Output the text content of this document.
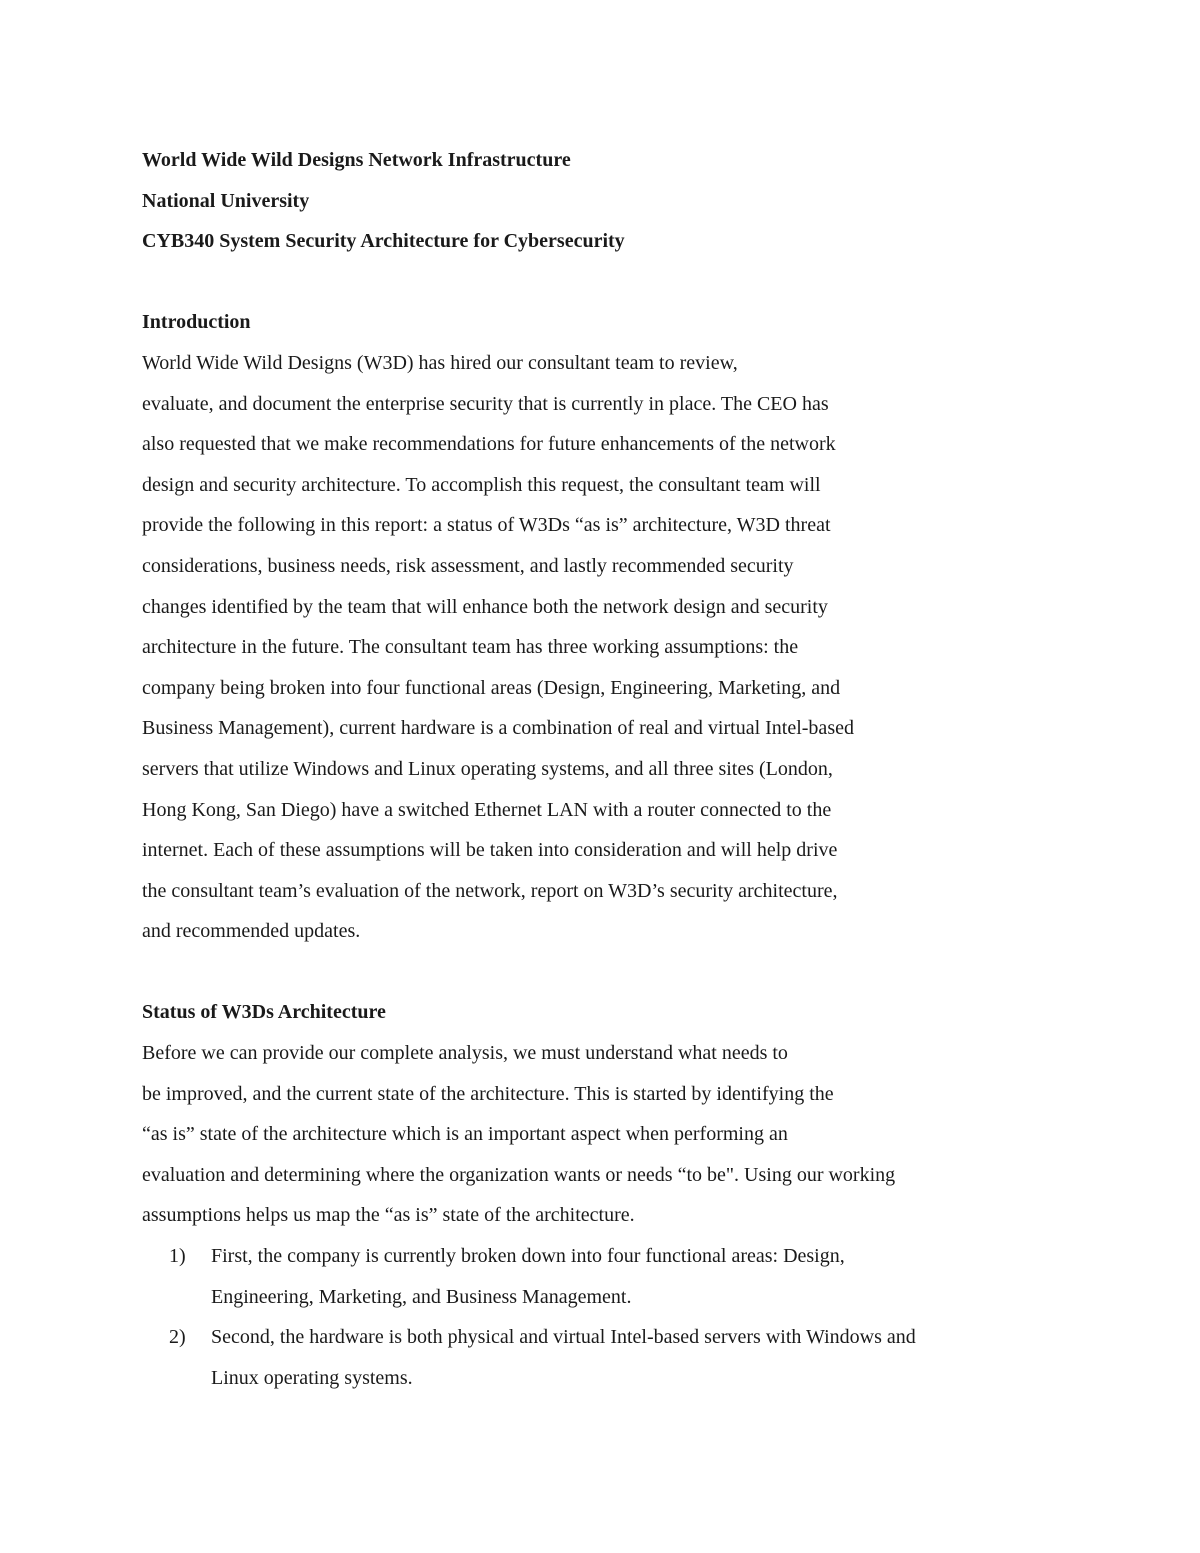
World Wide Wild Designs Network Infrastructure
National University
CYB340 System Security Architecture for Cybersecurity
Introduction
World Wide Wild Designs (W3D) has hired our consultant team to review,
evaluate, and document the enterprise security that is currently in place. The CEO has
also requested that we make recommendations for future enhancements of the network
design and security architecture. To accomplish this request, the consultant team will
provide the following in this report: a status of W3Ds “as is” architecture, W3D threat
considerations, business needs, risk assessment, and lastly recommended security
changes identified by the team that will enhance both the network design and security
architecture in the future. The consultant team has three working assumptions: the
company being broken into four functional areas (Design, Engineering, Marketing, and
Business Management), current hardware is a combination of real and virtual Intel-based
servers that utilize Windows and Linux operating systems, and all three sites (London,
Hong Kong, San Diego) have a switched Ethernet LAN with a router connected to the
internet. Each of these assumptions will be taken into consideration and will help drive
the consultant team’s evaluation of the network, report on W3D’s security architecture,
and recommended updates.
Status of W3Ds Architecture
Before we can provide our complete analysis, we must understand what needs to
be improved, and the current state of the architecture. This is started by identifying the
“as is” state of the architecture which is an important aspect when performing an
evaluation and determining where the organization wants or needs “to be". Using our working
assumptions helps us map the “as is” state of the architecture.
1) First, the company is currently broken down into four functional areas: Design,
Engineering, Marketing, and Business Management.
2) Second, the hardware is both physical and virtual Intel-based servers with Windows and
Linux operating systems.
